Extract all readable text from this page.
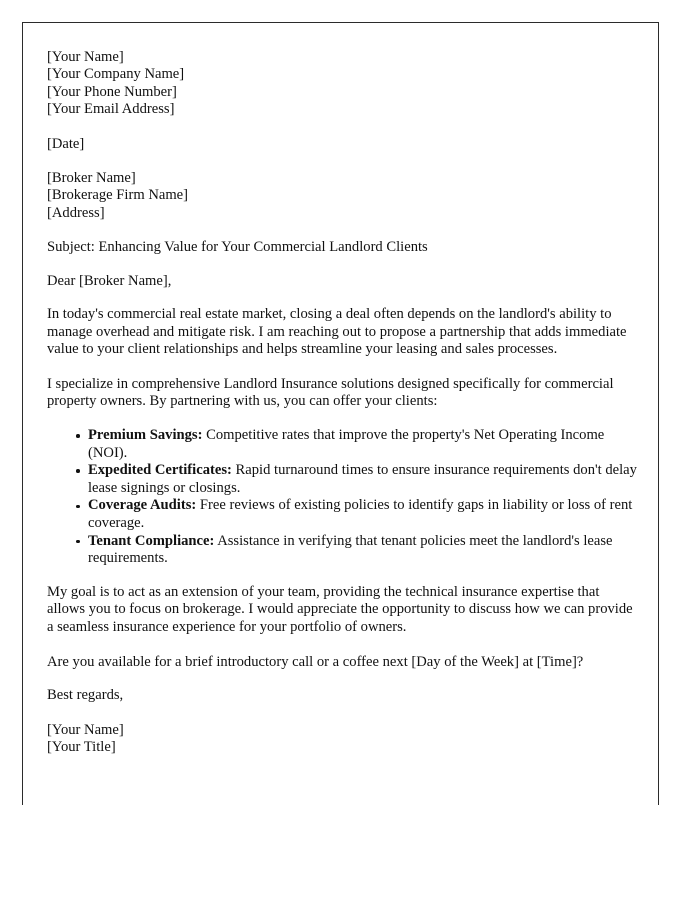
[Your Name]
[Your Company Name]
[Your Phone Number]
[Your Email Address]
[Date]
[Broker Name]
[Brokerage Firm Name]
[Address]
Subject: Enhancing Value for Your Commercial Landlord Clients
Dear [Broker Name],

In today's commercial real estate market, closing a deal often depends on the landlord's ability to manage overhead and mitigate risk. I am reaching out to propose a partnership that adds immediate value to your client relationships and helps streamline your leasing and sales processes.

I specialize in comprehensive Landlord Insurance solutions designed specifically for commercial property owners. By partnering with us, you can offer your clients:

Premium Savings: Competitive rates that improve the property's Net Operating Income (NOI).
Expedited Certificates: Rapid turnaround times to ensure insurance requirements don't delay lease signings or closings.
Coverage Audits: Free reviews of existing policies to identify gaps in liability or loss of rent coverage.
Tenant Compliance: Assistance in verifying that tenant policies meet the landlord's lease requirements.

My goal is to act as an extension of your team, providing the technical insurance expertise that allows you to focus on brokerage. I would appreciate the opportunity to discuss how we can provide a seamless insurance experience for your portfolio of owners.

Are you available for a brief introductory call or a coffee next [Day of the Week] at [Time]?

Best regards,
[Your Name]
[Your Title]
